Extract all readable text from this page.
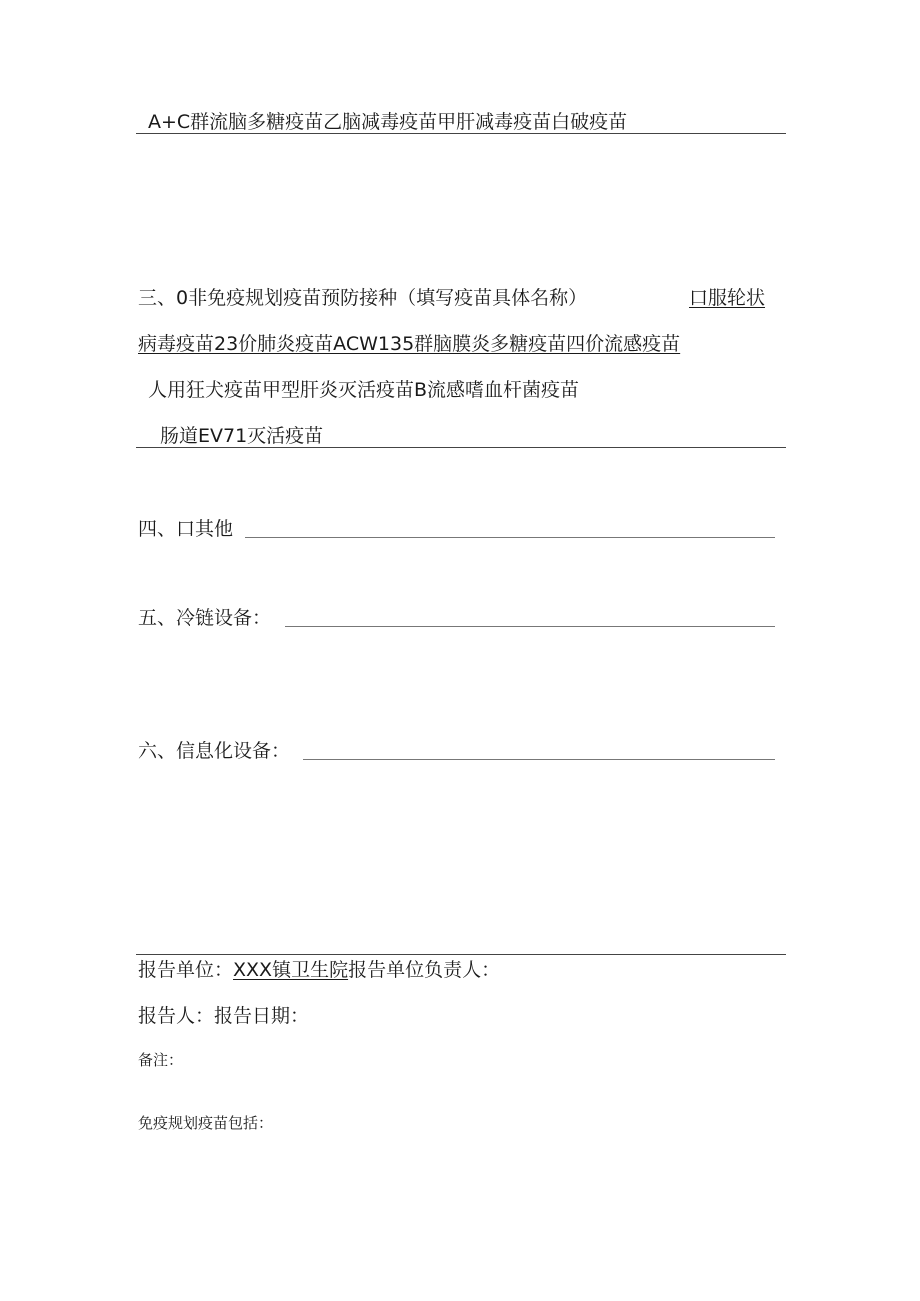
A+C群流脑多糖疫苗乙脑减毒疫苗甲肝减毒疫苗白破疫苗
三、0非免疫规划疫苗预防接种（填写疫苗具体名称）	口服轮状
病毒疫苗23价肺炎疫苗ACW135群脑膜炎多糖疫苗四价流感疫苗
人用狂犬疫苗甲型肝炎灭活疫苗B流感嗜血杆菌疫苗
肠道EV71灭活疫苗
四、口其他
五、冷链设备：
六、信息化设备：
报告单位：XXX镇卫生院报告单位负责人：
报告人：报告日期：
备注：
免疫规划疫苗包括：
